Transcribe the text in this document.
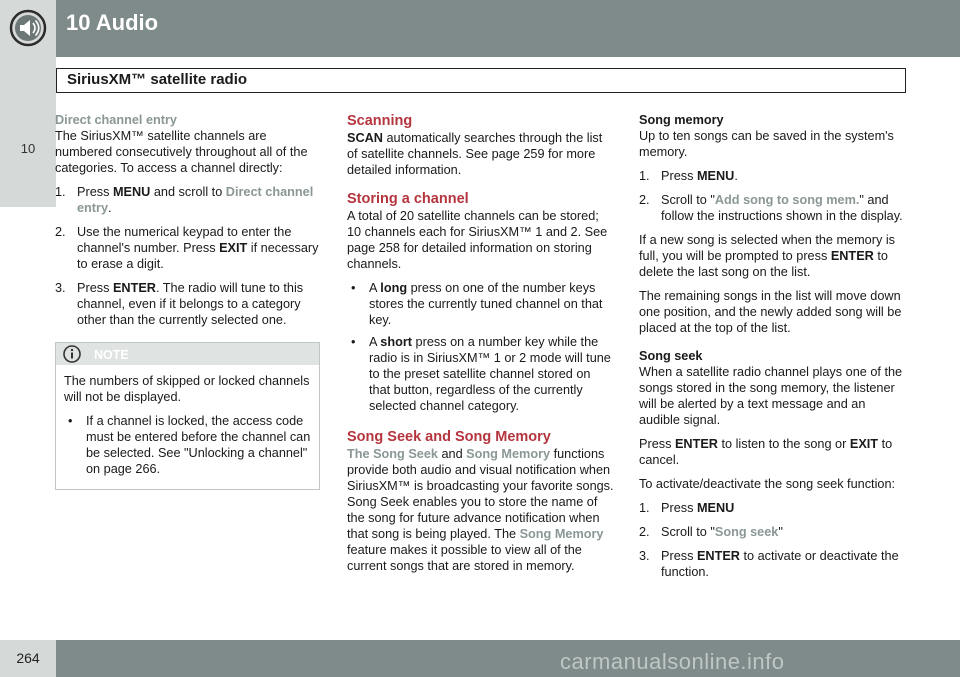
10 Audio
10
SiriusXM™ satellite radio
Direct channel entry

The SiriusXM™ satellite channels are numbered consecutively throughout all of the categories. To access a channel directly:

1. Press MENU and scroll to Direct channel entry.
2. Use the numerical keypad to enter the channel's number. Press EXIT if necessary to erase a digit.
3. Press ENTER. The radio will tune to this channel, even if it belongs to a category other than the currently selected one.
NOTE

The numbers of skipped or locked channels will not be displayed.

•	If a channel is locked, the access code must be entered before the channel can be selected. See "Unlocking a channel" on page 266.
Scanning

SCAN automatically searches through the list of satellite channels. See page 259 for more detailed information.

Storing a channel

A total of 20 satellite channels can be stored; 10 channels each for SiriusXM™ 1 and 2. See page 258 for detailed information on storing channels.

•	A long press on one of the number keys stores the currently tuned channel on that key.
•	A short press on a number key while the radio is in SiriusXM™ 1 or 2 mode will tune to the preset satellite channel stored on that button, regardless of the currently selected channel category.
Song Seek and Song Memory

The Song Seek and Song Memory functions provide both audio and visual notification when SiriusXM™ is broadcasting your favorite songs. Song Seek enables you to store the name of the song for future advance notification when that song is being played. The Song Memory feature makes it possible to view all of the current songs that are stored in memory.

Song memory

Up to ten songs can be saved in the system's memory.

1. Press MENU.
2. Scroll to "Add song to song mem." and follow the instructions shown in the display.

If a new song is selected when the memory is full, you will be prompted to press ENTER to delete the last song on the list.

The remaining songs in the list will move down one position, and the newly added song will be placed at the top of the list.

Song seek

When a satellite radio channel plays one of the songs stored in the song memory, the listener will be alerted by a text message and an audible signal.

Press ENTER to listen to the song or EXIT to cancel.

To activate/deactivate the song seek function:

1. Press MENU
2. Scroll to "Song seek"
3. Press ENTER to activate or deactivate the function.
264	carmanualsonline.info
